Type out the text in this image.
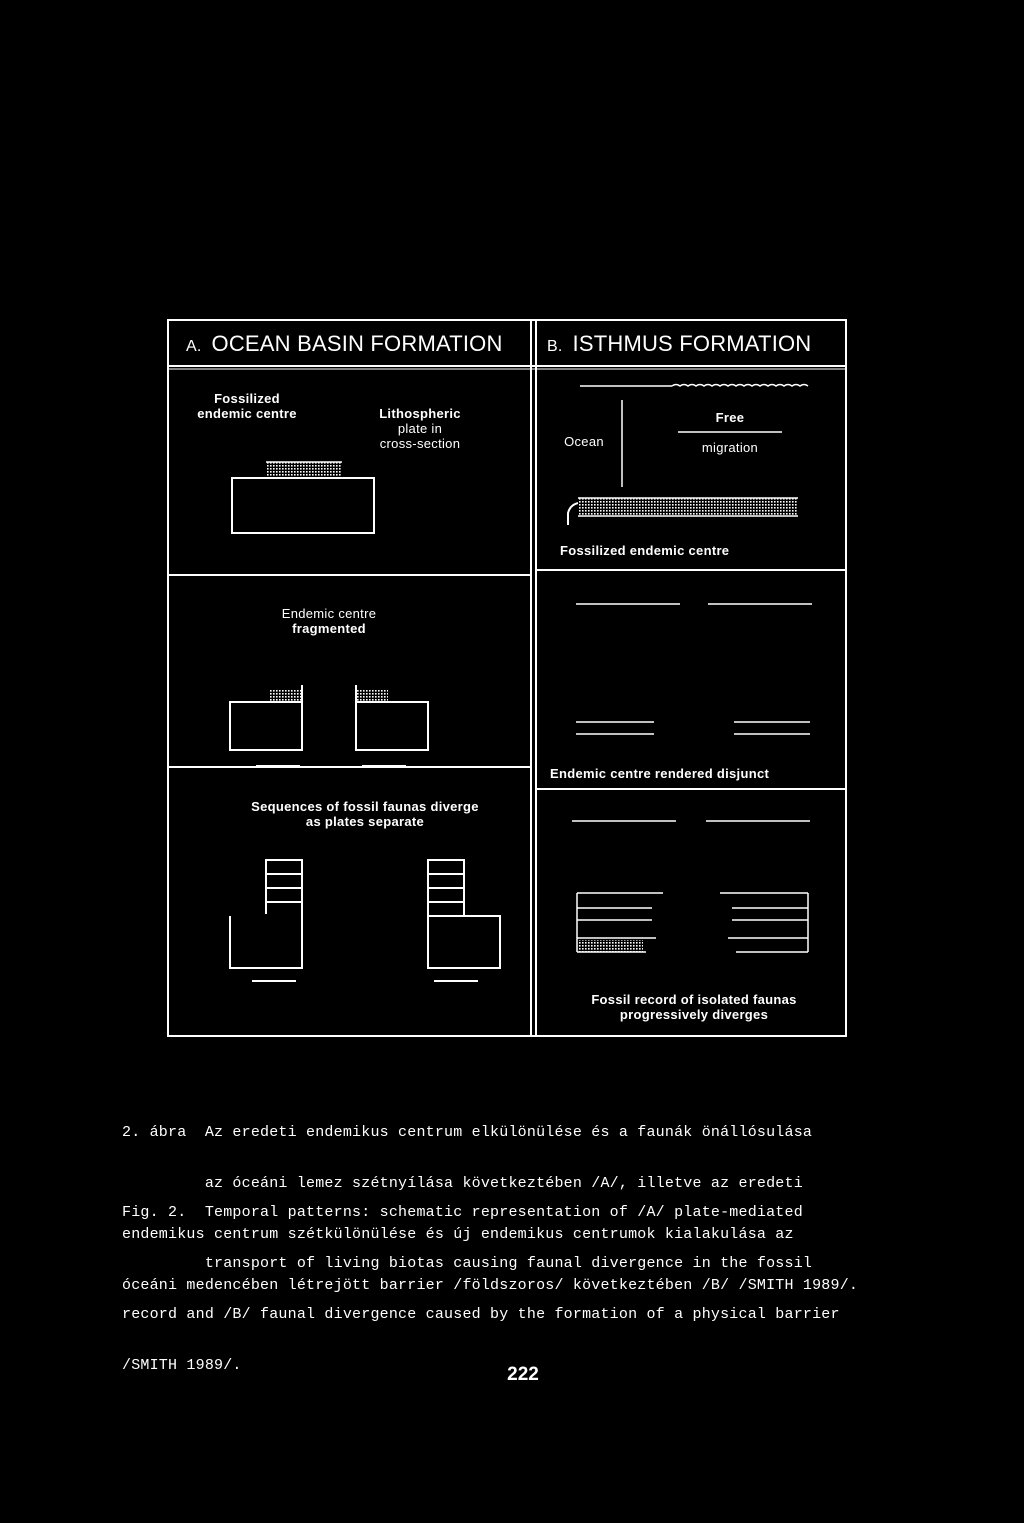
A. OCEAN BASIN FORMATION	B. ISTHMUS FORMATION
Fossilized
endemic centre	Lithospheric
plate in
cross-section	Ocean
Free
migration
Fossilized endemic centre
Endemic centre
fragmented
Endemic centre rendered disjunct
Sequences of fossil faunas diverge
as plates separate
Fossil record of isolated faunas
progressively diverges

2. ábra  Az eredeti endemikus centrum elkülönülése és a faunák önállósulása

az óceáni lemez szétnyílása következtében /A/, illetve az eredeti

endemikus centrum szétkülönülése és új endemikus centrumok kialakulása az

óceáni medencében létrejött barrier /földszoros/ következtében /B/ /SMITH 1989/.

Fig. 2.  Temporal patterns: schematic representation of /A/ plate-mediated

transport of living biotas causing faunal divergence in the fossil

record and /B/ faunal divergence caused by the formation of a physical barrier

/SMITH 1989/.	222
